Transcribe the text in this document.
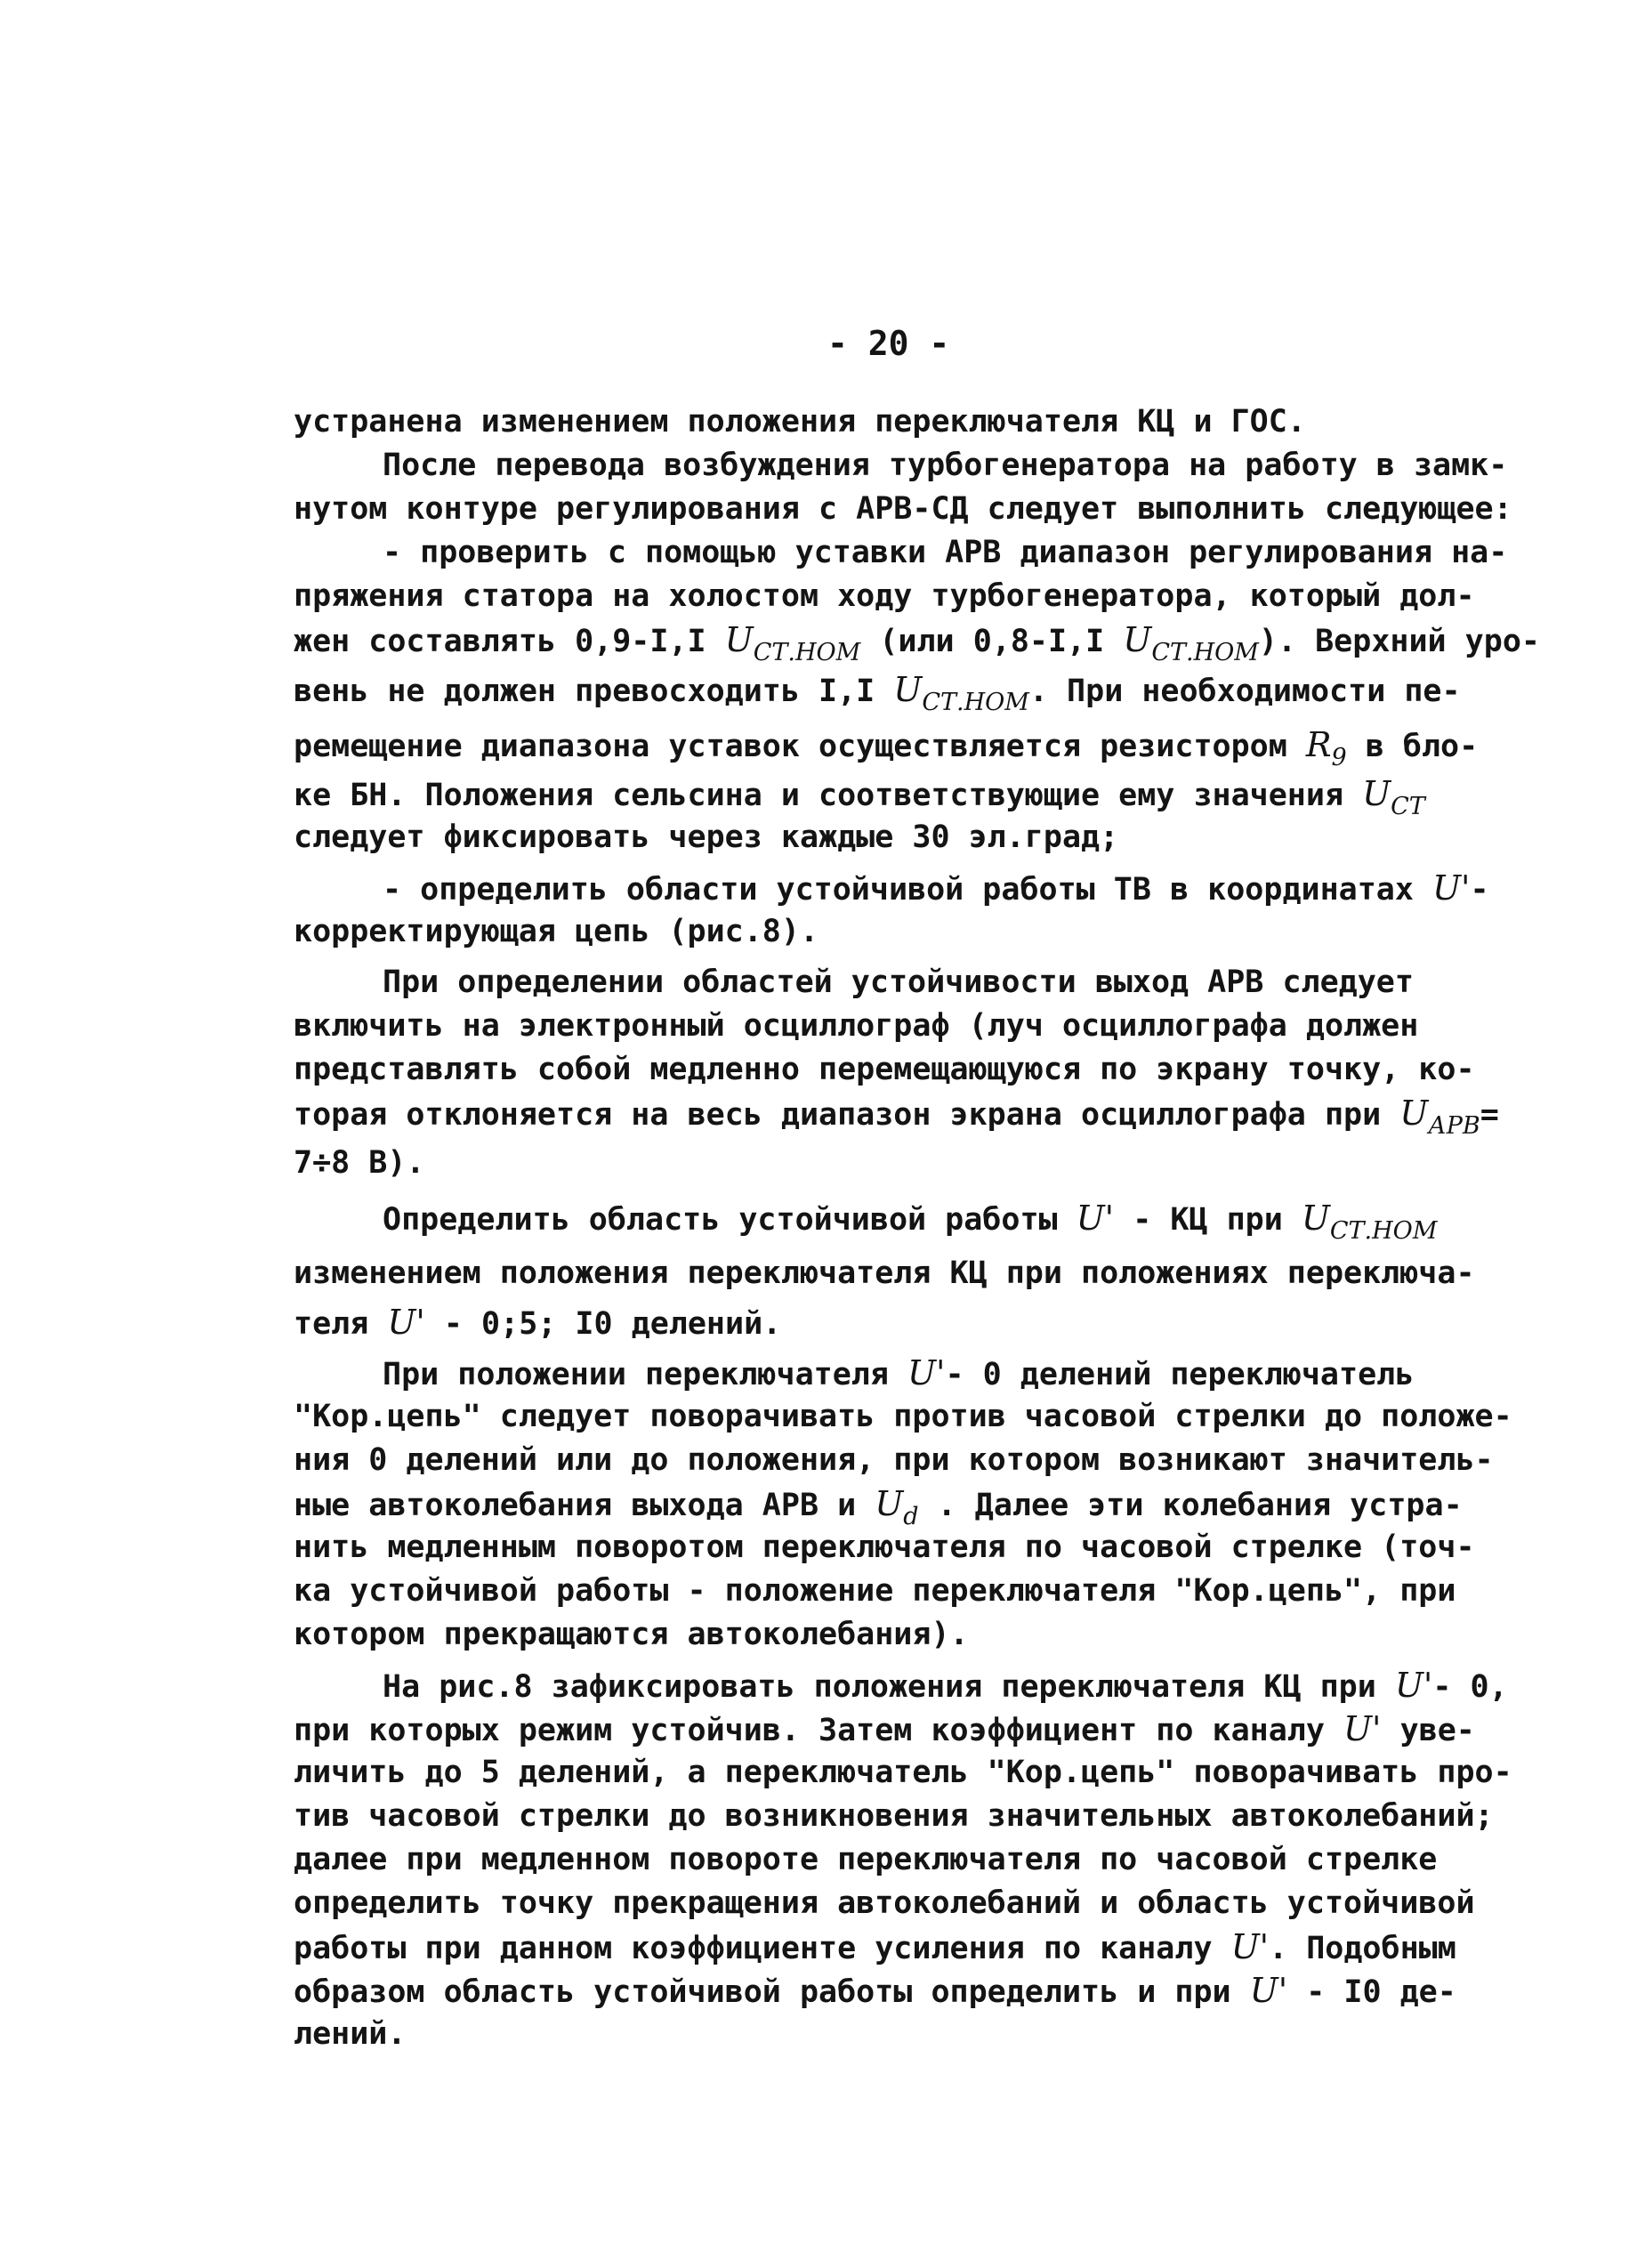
- 20 -
устранена изменением положения переключателя КЦ и ГОС.
После перевода возбуждения турбогенератора на работу в замк-
нутом контуре регулирования с АРВ-СД следует выполнить следующее:
- проверить с помощью уставки АРВ диапазон регулирования на-
пряжения статора на холостом ходу турбогенератора, который дол-
жен составлять 0,9-I,I $U_{СТ.НОМ}$ (или 0,8-I,I $U_{СТ.НОМ}$). Верхний уро-
вень не должен превосходить I,I $U_{СТ.НОМ}$. При необходимости пе-
ремещение диапазона уставок осуществляется резистором $R_9$ в бло-
ке БН. Положения сельсина и соответствующие ему значения $U_{СТ}$
следует фиксировать через каждые 30 эл.град;
- определить области устойчивой работы ТВ в координатах U'-
корректирующая цепь (рис.8).
При определении областей устойчивости выход АРВ следует
включить на электронный осциллограф (луч осциллографа должен
представлять собой медленно перемещающуюся по экрану точку, ко-
торая отклоняется на весь диапазон экрана осциллографа при $U_{АРВ}=$
7÷8 В).
Определить область устойчивой работы U' - КЦ при $U_{СТ.НОМ}$
изменением положения переключателя КЦ при положениях переключа-
теля U' - 0;5; I0 делений.
При положении переключателя U'- 0 делений переключатель
"Кор.цепь" следует поворачивать против часовой стрелки до положе-
ния 0 делений или до положения, при котором возникают значитель-
ные автоколебания выхода АРВ и $U_d$ . Далее эти колебания устра-
нить медленным поворотом переключателя по часовой стрелке (точ-
ка устойчивой работы - положение переключателя "Кор.цепь", при
котором прекращаются автоколебания).
На рис.8 зафиксировать положения переключателя КЦ при U'- 0,
при которых режим устойчив. Затем коэффициент по каналу U' уве-
личить до 5 делений, а переключатель "Кор.цепь" поворачивать про-
тив часовой стрелки до возникновения значительных автоколебаний;
далее при медленном повороте переключателя по часовой стрелке
определить точку прекращения автоколебаний и область устойчивой
работы при данном коэффициенте усиления по каналу U'. Подобным
образом область устойчивой работы определить и при U' - I0 де-
лений.
